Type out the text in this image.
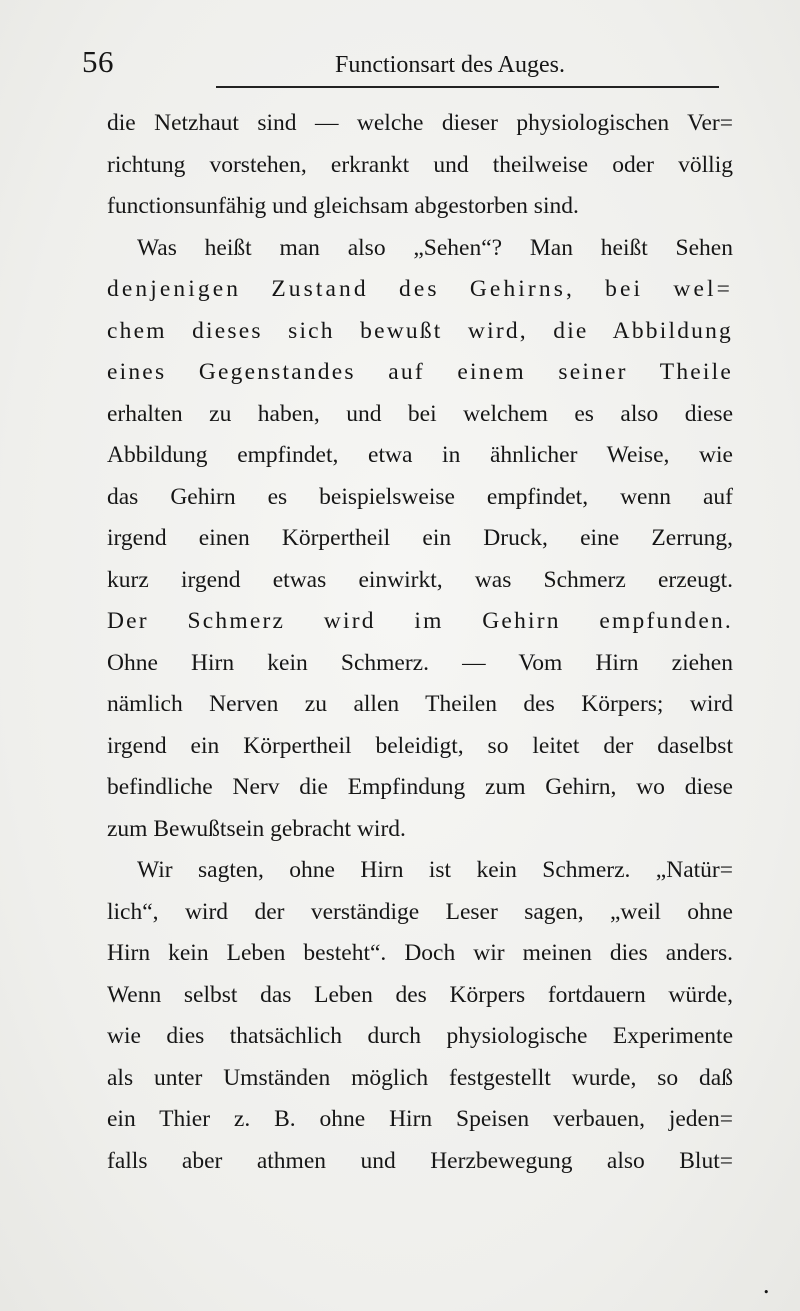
56	Functionsart des Auges.
die Netzhaut sind — welche dieser physiologischen Ver=
richtung vorstehen, erkrankt und theilweise oder völlig
functionsunfähig und gleichsam abgestorben sind.
Was heißt man also „Sehen“? Man heißt Sehen
denjenigen Zustand des Gehirns, bei wel=
chem dieses sich bewußt wird, die Abbildung
eines Gegenstandes auf einem seiner Theile
erhalten zu haben, und bei welchem es also diese
Abbildung empfindet, etwa in ähnlicher Weise, wie
das Gehirn es beispielsweise empfindet, wenn auf
irgend einen Körpertheil ein Druck, eine Zerrung,
kurz irgend etwas einwirkt, was Schmerz erzeugt.
Der Schmerz wird im Gehirn empfunden.
Ohne Hirn kein Schmerz. — Vom Hirn ziehen
nämlich Nerven zu allen Theilen des Körpers; wird
irgend ein Körpertheil beleidigt, so leitet der daselbst
befindliche Nerv die Empfindung zum Gehirn, wo diese
zum Bewußtsein gebracht wird.
Wir sagten, ohne Hirn ist kein Schmerz. „Natür=
lich“, wird der verständige Leser sagen, „weil ohne
Hirn kein Leben besteht“. Doch wir meinen dies anders.
Wenn selbst das Leben des Körpers fortdauern würde,
wie dies thatsächlich durch physiologische Experimente
als unter Umständen möglich festgestellt wurde, so daß
ein Thier z. B. ohne Hirn Speisen verbauen, jeden=
falls aber athmen und Herzbewegung also Blut=
•
